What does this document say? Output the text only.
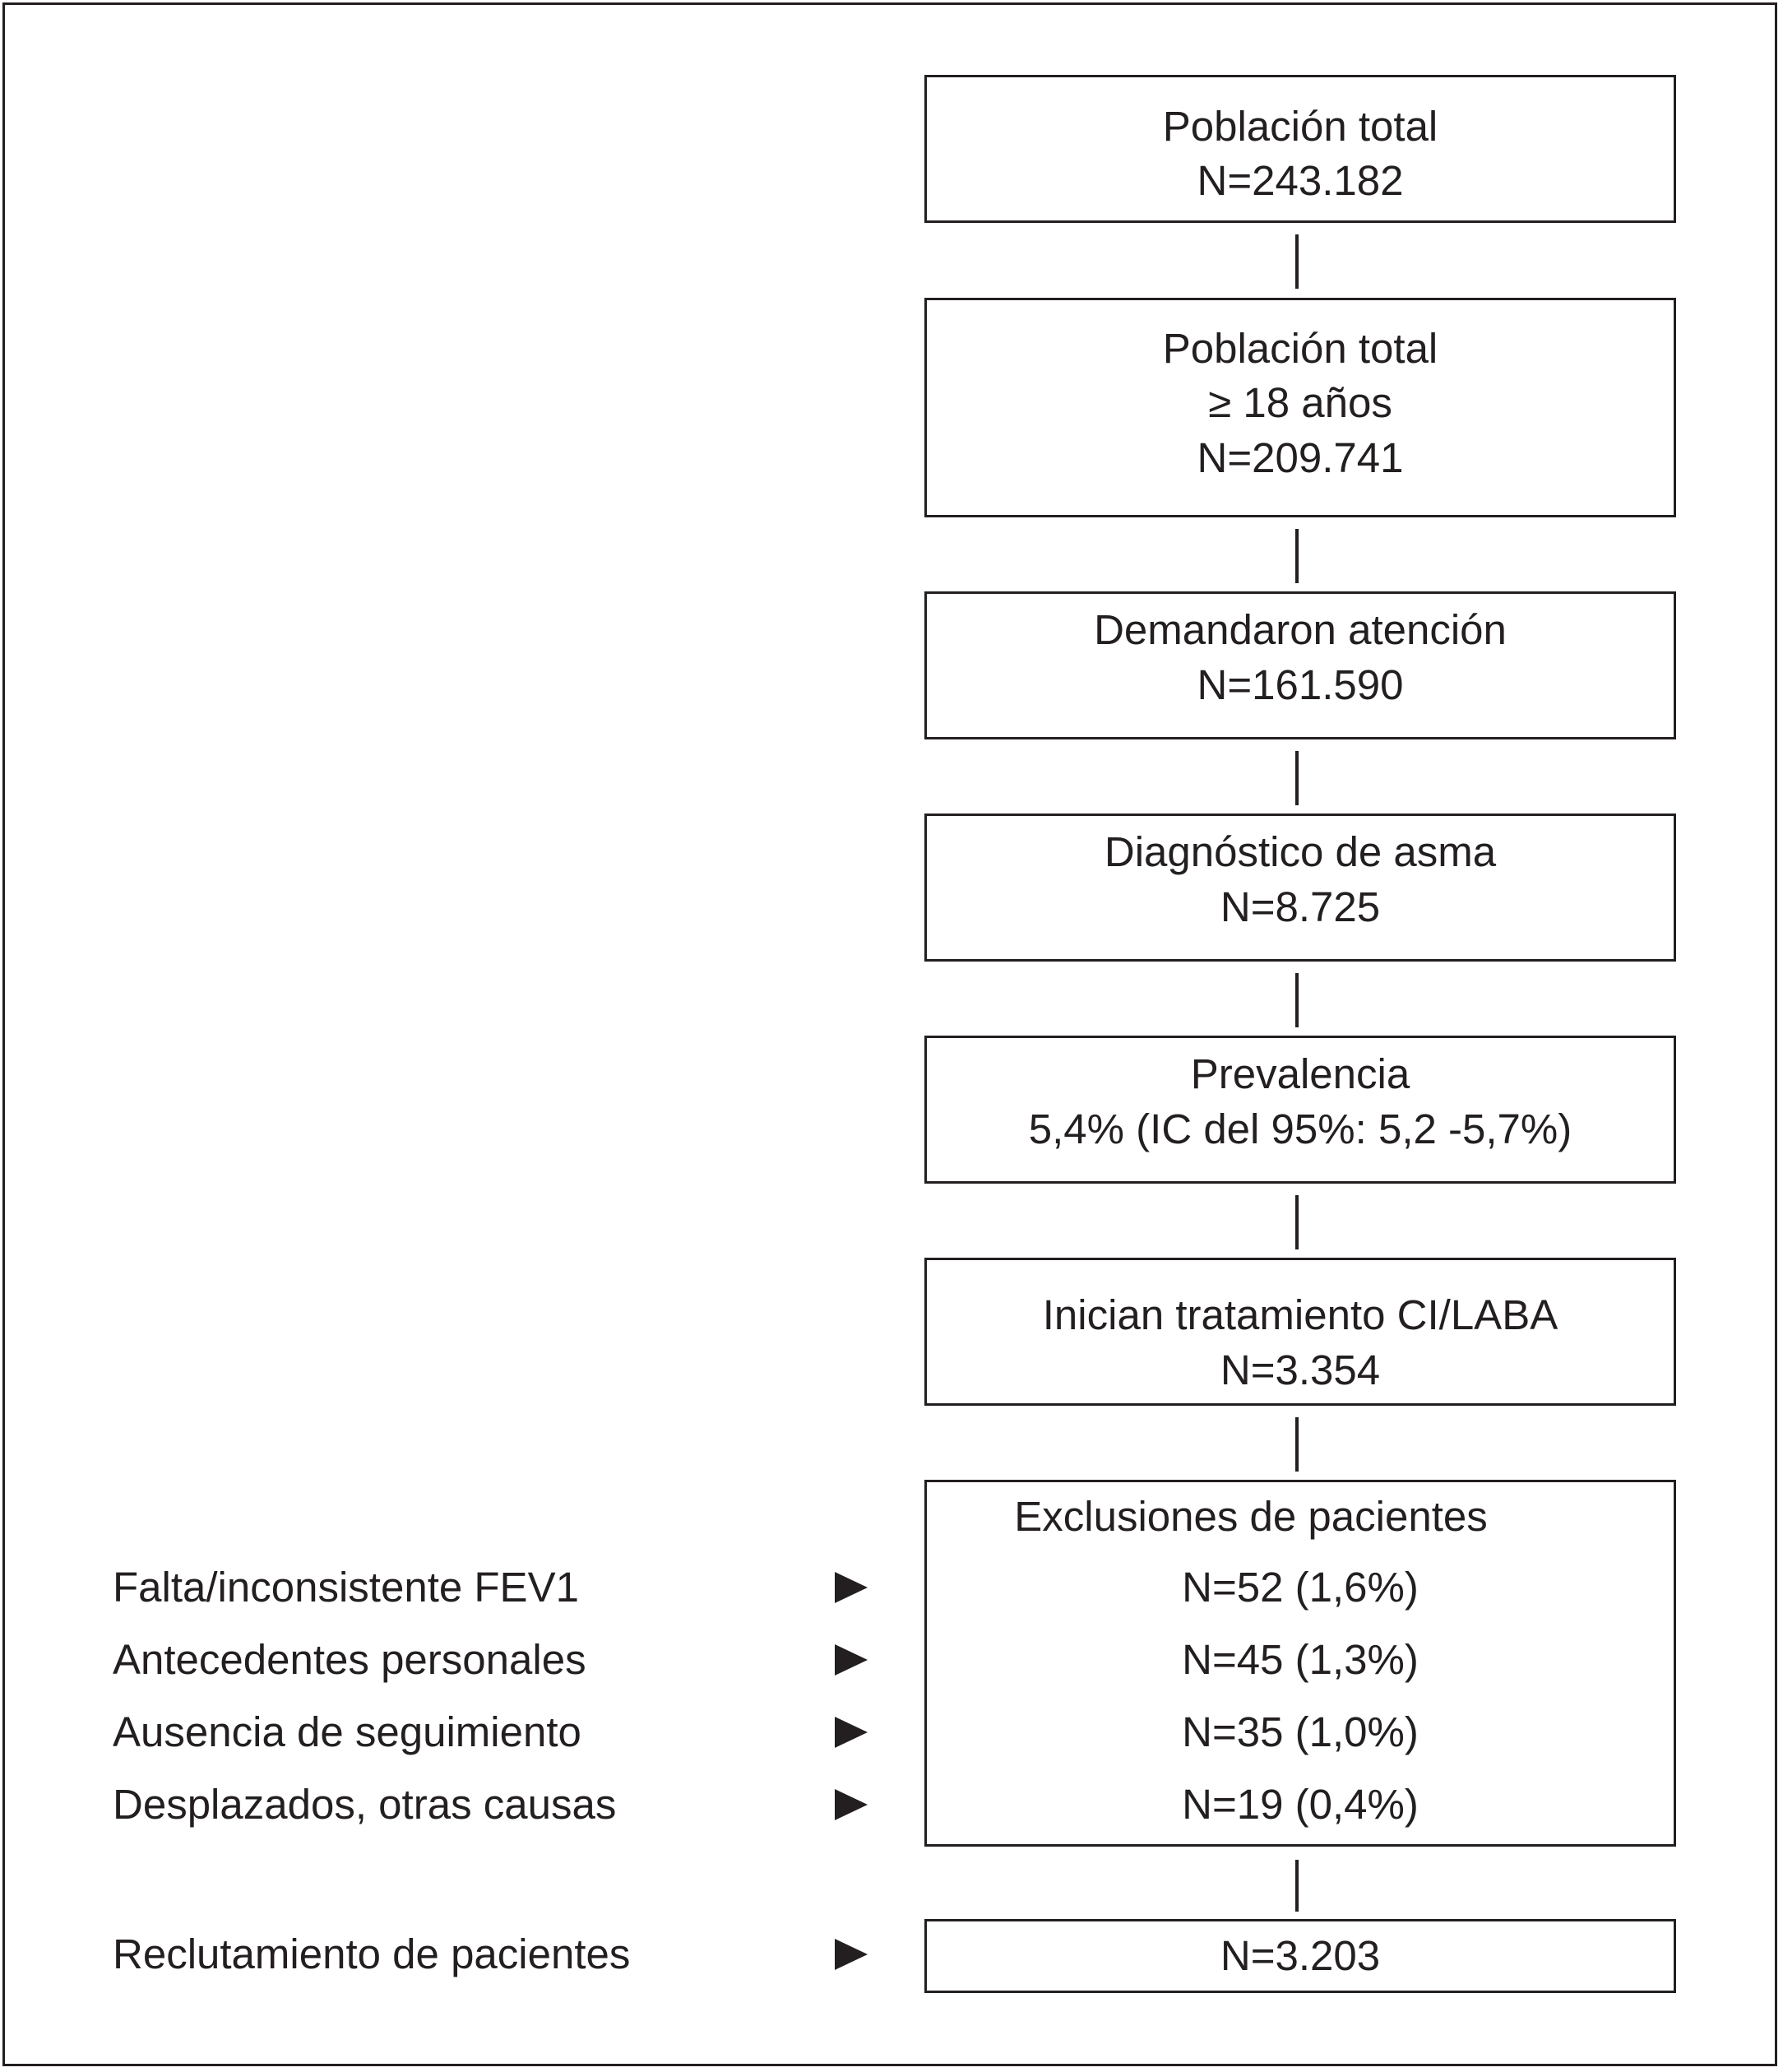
Población total
N=243.182
Población total
≥ 18 años
N=209.741
Demandaron atención
N=161.590
Diagnóstico de asma
N=8.725
Prevalencia
5,4% (IC del 95%: 5,2 -5,7%)
Inician tratamiento CI/LABA
N=3.354
Exclusiones de pacientes
N=52 (1,6%)
N=45 (1,3%)
N=35 (1,0%)
N=19 (0,4%)
N=3.203
Falta/inconsistente FEV1
Antecedentes personales
Ausencia de seguimiento
Desplazados, otras causas
Reclutamiento de pacientes
